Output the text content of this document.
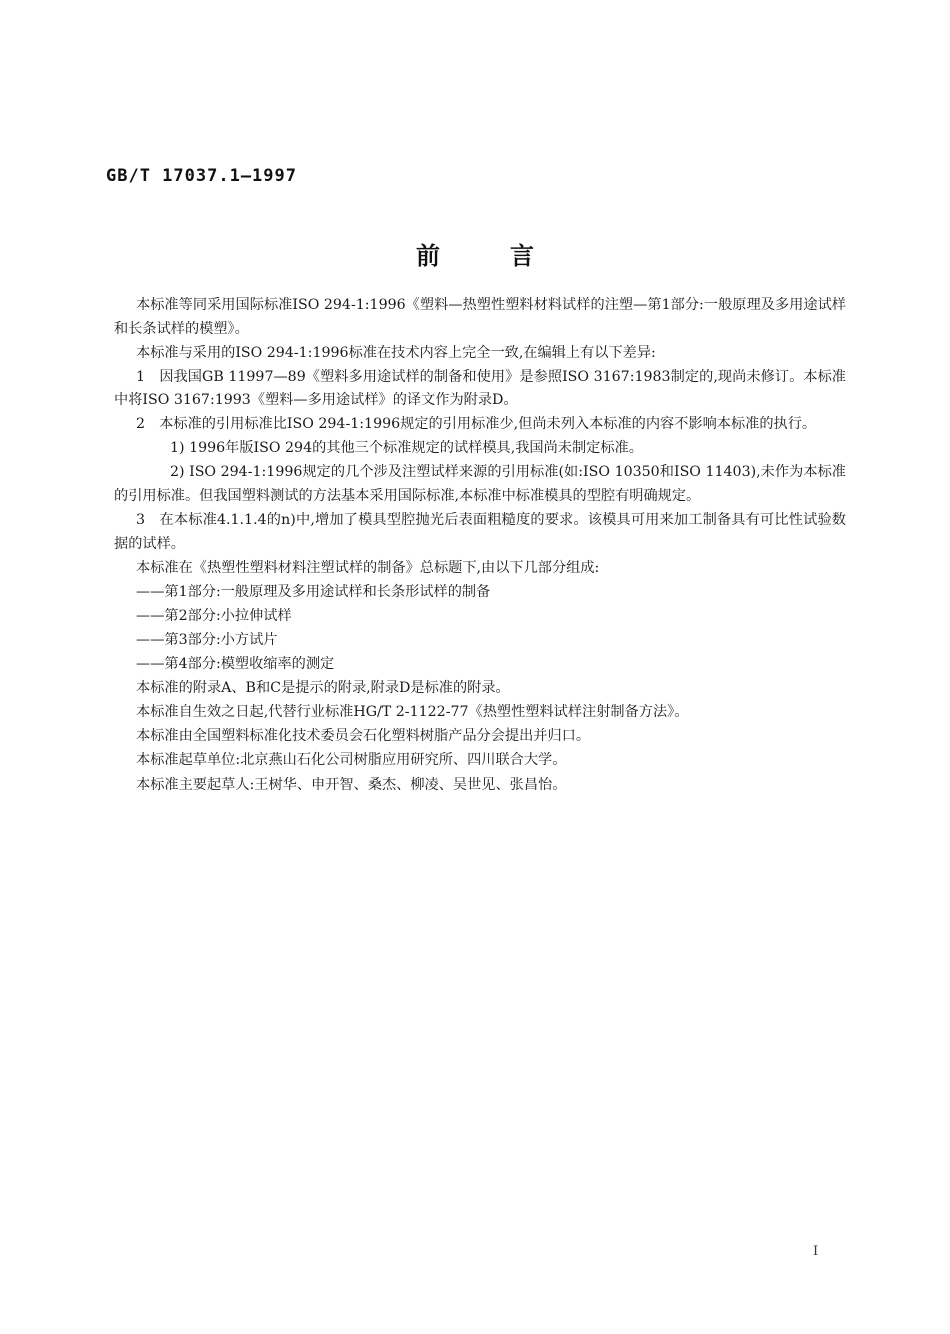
GB/T 17037.1—1997
前言

本标准等同采用国际标准ISO 294-1:1996《塑料—热塑性塑料材料试样的注塑—第1部分:一般原理及多用途试样和长条试样的模塑》。

本标准与采用的ISO 294-1:1996标准在技术内容上完全一致,在编辑上有以下差异:

1　因我国GB 11997—89《塑料多用途试样的制备和使用》是参照ISO 3167:1983制定的,现尚未修订。本标准中将ISO 3167:1993《塑料—多用途试样》的译文作为附录D。

2　本标准的引用标准比ISO 294-1:1996规定的引用标准少,但尚未列入本标准的内容不影响本标准的执行。

1) 1996年版ISO 294的其他三个标准规定的试样模具,我国尚未制定标准。

2) ISO 294-1:1996规定的几个涉及注塑试样来源的引用标准(如:ISO 10350和ISO 11403),未作为本标准的引用标准。但我国塑料测试的方法基本采用国际标准,本标准中标准模具的型腔有明确规定。

3　在本标准4.1.1.4的n)中,增加了模具型腔抛光后表面粗糙度的要求。该模具可用来加工制备具有可比性试验数据的试样。

本标准在《热塑性塑料材料注塑试样的制备》总标题下,由以下几部分组成:

——第1部分:一般原理及多用途试样和长条形试样的制备

——第2部分:小拉伸试样

——第3部分:小方试片

——第4部分:模塑收缩率的测定

本标准的附录A、B和C是提示的附录,附录D是标准的附录。

本标准自生效之日起,代替行业标准HG/T 2-1122-77《热塑性塑料试样注射制备方法》。

本标准由全国塑料标准化技术委员会石化塑料树脂产品分会提出并归口。

本标准起草单位:北京燕山石化公司树脂应用研究所、四川联合大学。

本标准主要起草人:王树华、申开智、桑杰、柳凌、吴世见、张昌怡。

I
